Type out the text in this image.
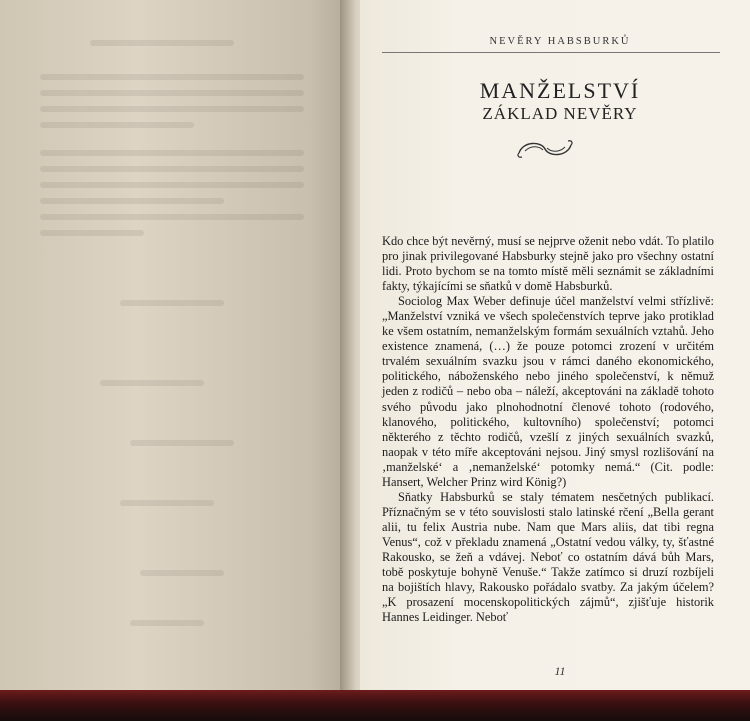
NEVĚRY HABSBURKŮ
MANŽELSTVÍ
ZÁKLAD NEVĚRY

Kdo chce být nevěrný, musí se nejprve oženit nebo vdát. To platilo pro jinak privilegované Habsburky stejně jako pro všechny ostatní lidi. Proto bychom se na tomto místě měli seznámit se základními fakty, týkajícími se sňatků v domě Habsburků.

Sociolog Max Weber definuje účel manželství velmi střízlivě: „Manželství vzniká ve všech společenstvích teprve jako protiklad ke všem ostatním, nemanželským formám sexuálních vztahů. Jeho existence znamená, (…) že pouze potomci zrození v určitém trvalém sexuálním svazku jsou v rámci daného ekonomického, politického, náboženského nebo jiného společenství, k němuž jeden z rodičů – nebo oba – náleží, akceptováni na základě tohoto svého původu jako plnohodnotní členové tohoto (rodového, klanového, politického, kultovního) společenství; potomci některého z těchto rodičů, vzešlí z jiných sexuálních svazků, naopak v této míře akceptováni nejsou. Jiný smysl rozlišování na ‚manželské‘ a ‚nemanželské‘ potomky nemá.“ (Cit. podle: Hansert, Welcher Prinz wird König?)

Sňatky Habsburků se staly tématem nesčetných publikací. Příznačným se v této souvislosti stalo latinské rčení „Bella gerant alii, tu felix Austria nube. Nam que Mars aliis, dat tibi regna Venus“, což v překladu znamená „Ostatní vedou války, ty, šťastné Rakousko, se žeň a vdávej. Neboť co ostatním dává bůh Mars, tobě poskytuje bohyně Venuše.“ Takže zatímco si druzí rozbíjeli na bojištích hlavy, Rakousko pořádalo svatby. Za jakým účelem? „K prosazení mocenskopolitických zájmů“, zjišťuje historik Hannes Leidinger. Neboť

11
